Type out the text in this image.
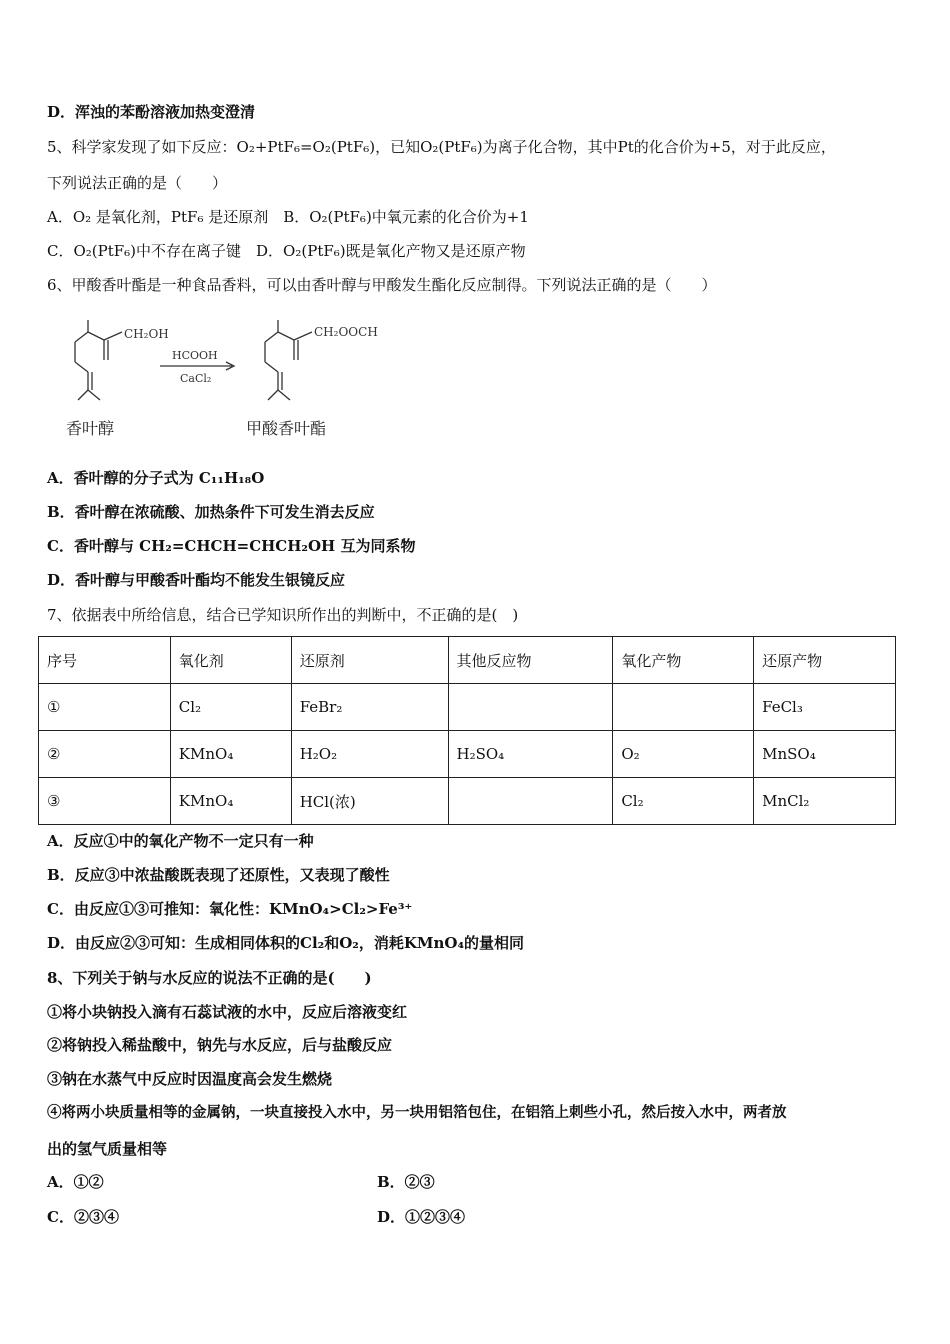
D．浑浊的苯酚溶液加热变澄清
5、科学家发现了如下反应：O₂+PtF₆=O₂(PtF₆)，已知O₂(PtF₆)为离子化合物，其中Pt的化合价为+5，对于此反应，
下列说法正确的是（　　）
A．O₂ 是氧化剂，PtF₆ 是还原剂　B．O₂(PtF₆)中氧元素的化合价为+1
C．O₂(PtF₆)中不存在离子键　D．O₂(PtF₆)既是氧化产物又是还原产物
6、甲酸香叶酯是一种食品香料，可以由香叶醇与甲酸发生酯化反应制得。下列说法正确的是（　　）
CH₂OH	CH₂OOCH
HCOOH
CaCl₂
香叶醇	甲酸香叶酯
A．香叶醇的分子式为 C₁₁H₁₈O
B．香叶醇在浓硫酸、加热条件下可发生消去反应
C．香叶醇与 CH₂=CHCH=CHCH₂OH 互为同系物
D．香叶醇与甲酸香叶酯均不能发生银镜反应
7、依据表中所给信息，结合已学知识所作出的判断中，不正确的是(　)
序号	氧化剂	还原剂	其他反应物	氧化产物	还原产物
①	Cl₂	FeBr₂			FeCl₃
②	KMnO₄	H₂O₂	H₂SO₄	O₂	MnSO₄
③	KMnO₄	HCl(浓)		Cl₂	MnCl₂
A．反应①中的氧化产物不一定只有一种
B．反应③中浓盐酸既表现了还原性，又表现了酸性
C．由反应①③可推知：氧化性：KMnO₄>Cl₂>Fe³⁺
D．由反应②③可知：生成相同体积的Cl₂和O₂，消耗KMnO₄的量相同
8、下列关于钠与水反应的说法不正确的是(　　)
①将小块钠投入滴有石蕊试液的水中，反应后溶液变红
②将钠投入稀盐酸中，钠先与水反应，后与盐酸反应
③钠在水蒸气中反应时因温度高会发生燃烧
④将两小块质量相等的金属钠，一块直接投入水中，另一块用铝箔包住，在铝箔上刺些小孔，然后按入水中，两者放
出的氢气质量相等
A．①②	B．②③
C．②③④	D．①②③④
